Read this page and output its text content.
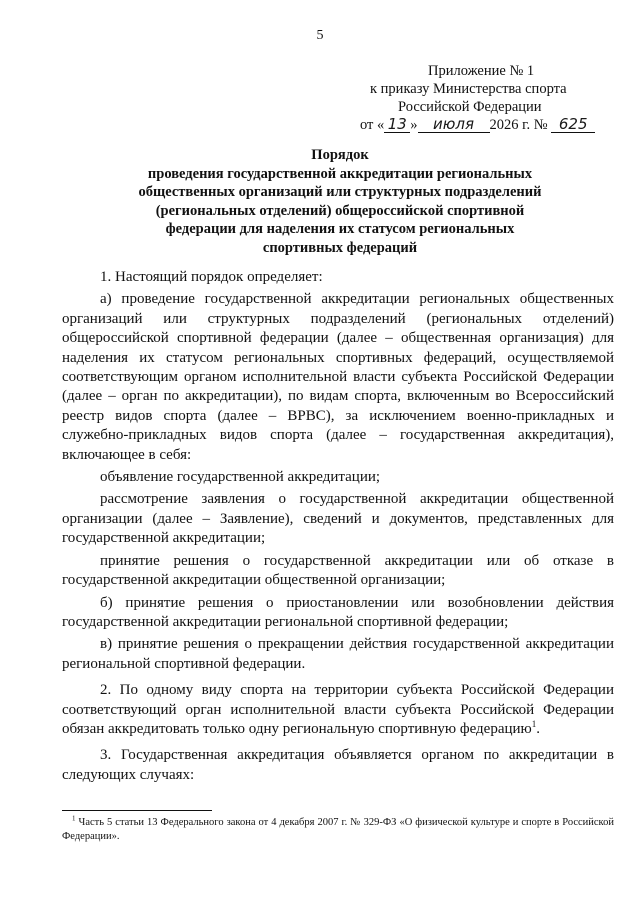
5
Приложение № 1
к приказу Министерства спорта
Российской Федерации
от « 13 » июля 2026 г. № 625
Порядок
проведения государственной аккредитации региональных
общественных организаций или структурных подразделений
(региональных отделений) общероссийской спортивной
федерации для наделения их статусом региональных
спортивных федераций

1. Настоящий порядок определяет:

а) проведение государственной аккредитации региональных общественных организаций или структурных подразделений (региональных отделений) общероссийской спортивной федерации (далее – общественная организация) для наделения их статусом региональных спортивных федераций, осуществляемой соответствующим органом исполнительной власти субъекта Российской Федерации (далее – орган по аккредитации), по видам спорта, включенным во Всероссийский реестр видов спорта (далее – ВРВС), за исключением военно-прикладных и служебно-прикладных видов спорта (далее – государственная аккредитация), включающее в себя:

объявление государственной аккредитации;

рассмотрение заявления о государственной аккредитации общественной организации (далее – Заявление), сведений и документов, представленных для государственной аккредитации;

принятие решения о государственной аккредитации или об отказе в государственной аккредитации общественной организации;

б) принятие решения о приостановлении или возобновлении действия государственной аккредитации региональной спортивной федерации;

в) принятие решения о прекращении действия государственной аккредитации региональной спортивной федерации.

2. По одному виду спорта на территории субъекта Российской Федерации соответствующий орган исполнительной власти субъекта Российской Федерации обязан аккредитовать только одну региональную спортивную федерацию$^1$.

3. Государственная аккредитация объявляется органом по аккредитации в следующих случаях:

$^1$ Часть 5 статьи 13 Федерального закона от 4 декабря 2007 г. № 329-ФЗ «О физической культуре и спорте в Российской Федерации».
